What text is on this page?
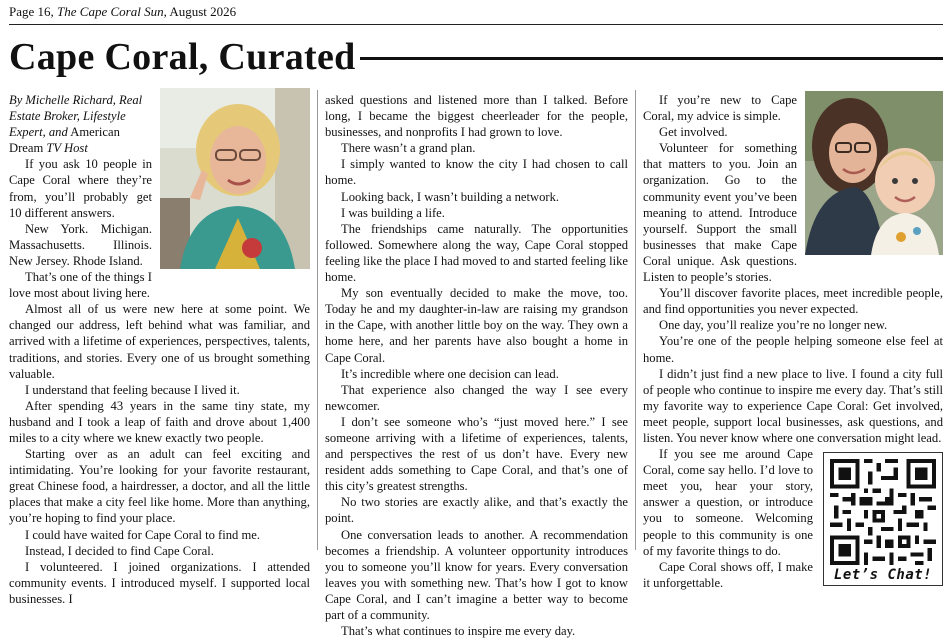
Page 16, The Cape Coral Sun, August 2026
Cape Coral, Curated

By Michelle Richard, Real Estate Broker, Lifestyle Expert, and American Dream TV Host

If you ask 10 people in Cape Coral where they’re from, you’ll probably get 10 different answers.

New York. Michigan. Massachusetts. Illinois. New Jersey. Rhode Island.

That’s one of the things I love most about living here.

Almost all of us were new here at some point. We changed our address, left behind what was familiar, and arrived with a lifetime of experiences, perspectives, talents, traditions, and stories. Every one of us brought something valuable.

I understand that feeling because I lived it.

After spending 43 years in the same tiny state, my husband and I took a leap of faith and drove about 1,400 miles to a city where we knew exactly two people.

Starting over as an adult can feel exciting and intimidating. You’re looking for your favorite restaurant, great Chinese food, a hairdresser, a doctor, and all the little places that make a city feel like home. More than anything, you’re hoping to find your place.

I could have waited for Cape Coral to find me.

Instead, I decided to find Cape Coral.

I volunteered. I joined organizations. I attended community events. I introduced myself. I supported local businesses. I

asked questions and listened more than I talked. Before long, I became the biggest cheerleader for the people, businesses, and nonprofits I had grown to love.

There wasn’t a grand plan.

I simply wanted to know the city I had chosen to call home.

Looking back, I wasn’t building a network.

I was building a life.

The friendships came naturally. The opportunities followed. Somewhere along the way, Cape Coral stopped feeling like the place I had moved to and started feeling like home.

My son eventually decided to make the move, too. Today he and my daughter-in-law are raising my grandson in the Cape, with another little boy on the way. They own a home here, and her parents have also bought a home in Cape Coral.

It’s incredible where one decision can lead.

That experience also changed the way I see every newcomer.

I don’t see someone who’s “just moved here.” I see someone arriving with a lifetime of experiences, talents, and perspectives the rest of us don’t have. Every new resident adds something to Cape Coral, and that’s one of this city’s greatest strengths.

No two stories are exactly alike, and that’s exactly the point.

One conversation leads to another. A recommendation becomes a friendship. A volunteer opportunity introduces you to someone you’ll know for years. Every conversation leaves you with something new. That’s how I got to know Cape Coral, and I can’t imagine a better way to become part of a community.

That’s what continues to inspire me every day.

If you’re new to Cape Coral, my advice is simple.

Get involved.

Volunteer for something that matters to you. Join an organization. Go to the community event you’ve been meaning to attend. Introduce yourself. Support the small businesses that make Cape Coral unique. Ask questions. Listen to people’s stories.

You’ll discover favorite places, meet incredible people, and find opportunities you never expected.

One day, you’ll realize you’re no longer new.

You’re one of the people helping someone else feel at home.

I didn’t just find a new place to live. I found a city full of people who continue to inspire me every day. That’s still my favorite way to experience Cape Coral: Get involved, meet people, support local businesses, ask questions, and listen. You never know where one conversation might lead.

Let’s Chat!

If you see me around Cape Coral, come say hello. I’d love to meet you, hear your story, answer a question, or introduce you to someone. Welcoming people to this community is one of my favorite things to do.

Cape Coral shows off, I make it unforgettable.
